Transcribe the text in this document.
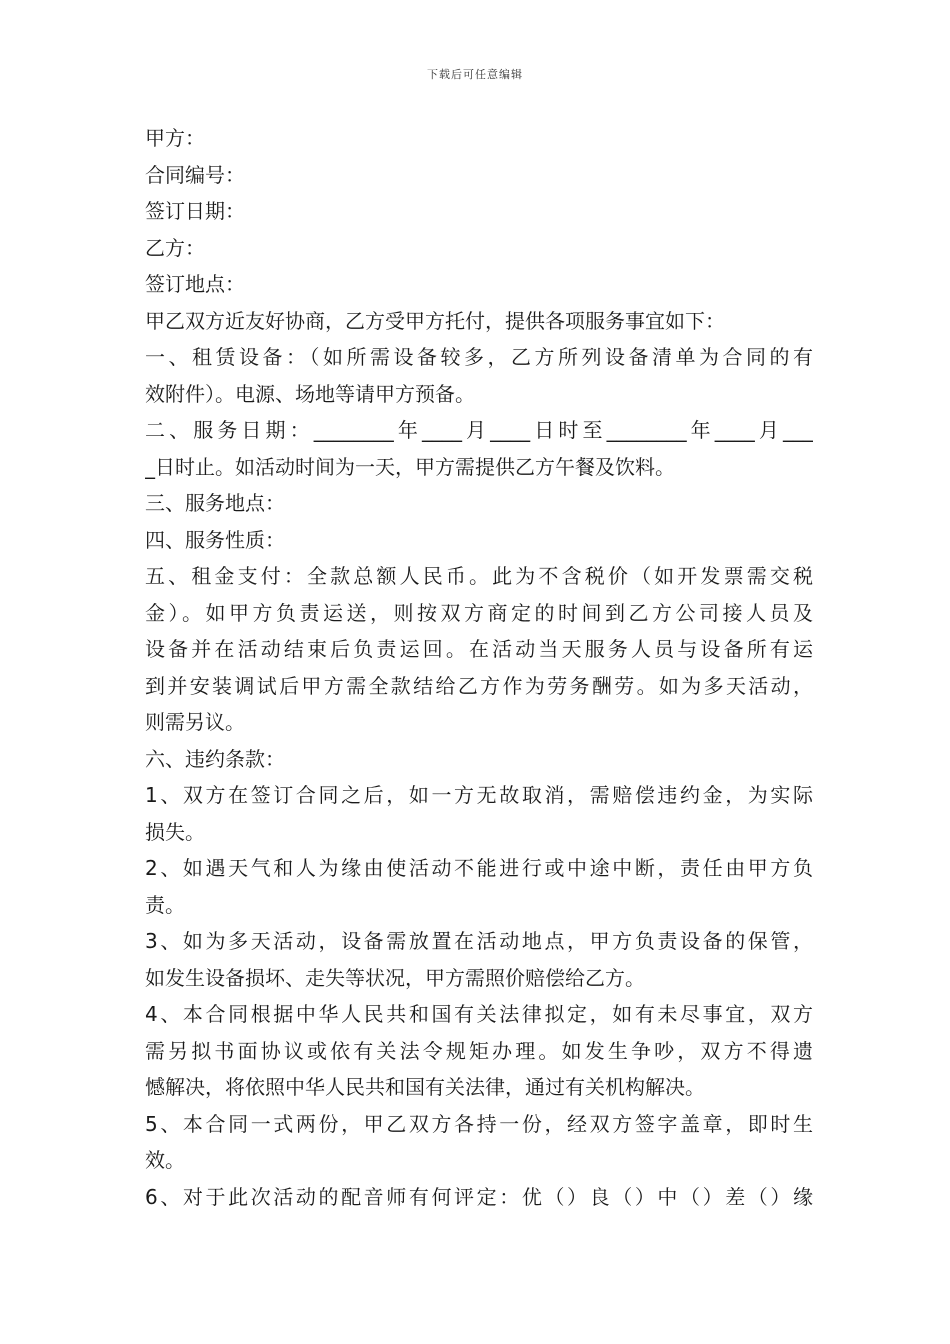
下载后可任意编辑
甲方：
合同编号：
签订日期：
乙方：
签订地点：
甲乙双方近友好协商，乙方受甲方托付，提供各项服务事宜如下：
一、租赁设备：（如所需设备较多，乙方所列设备清单为合同的有
效附件）。电源、场地等请甲方预备。
二、服务日期：________年____月____日时至________年____月___
_日时止。如活动时间为一天，甲方需提供乙方午餐及饮料。
三、服务地点：
四、服务性质：
五、租金支付：全款总额人民币。此为不含税价（如开发票需交税
金）。如甲方负责运送，则按双方商定的时间到乙方公司接人员及
设备并在活动结束后负责运回。在活动当天服务人员与设备所有运
到并安装调试后甲方需全款结给乙方作为劳务酬劳。如为多天活动，
则需另议。
六、违约条款：
1、双方在签订合同之后，如一方无故取消，需赔偿违约金，为实际
损失。
2、如遇天气和人为缘由使活动不能进行或中途中断，责任由甲方负
责。
3、如为多天活动，设备需放置在活动地点，甲方负责设备的保管，
如发生设备损坏、走失等状况，甲方需照价赔偿给乙方。
4、本合同根据中华人民共和国有关法律拟定，如有未尽事宜，双方
需另拟书面协议或依有关法令规矩办理。如发生争吵，双方不得遗
憾解决，将依照中华人民共和国有关法律，通过有关机构解决。
5、本合同一式两份，甲乙双方各持一份，经双方签字盖章，即时生
效。
6、对于此次活动的配音师有何评定：优（）良（）中（）差（）缘
